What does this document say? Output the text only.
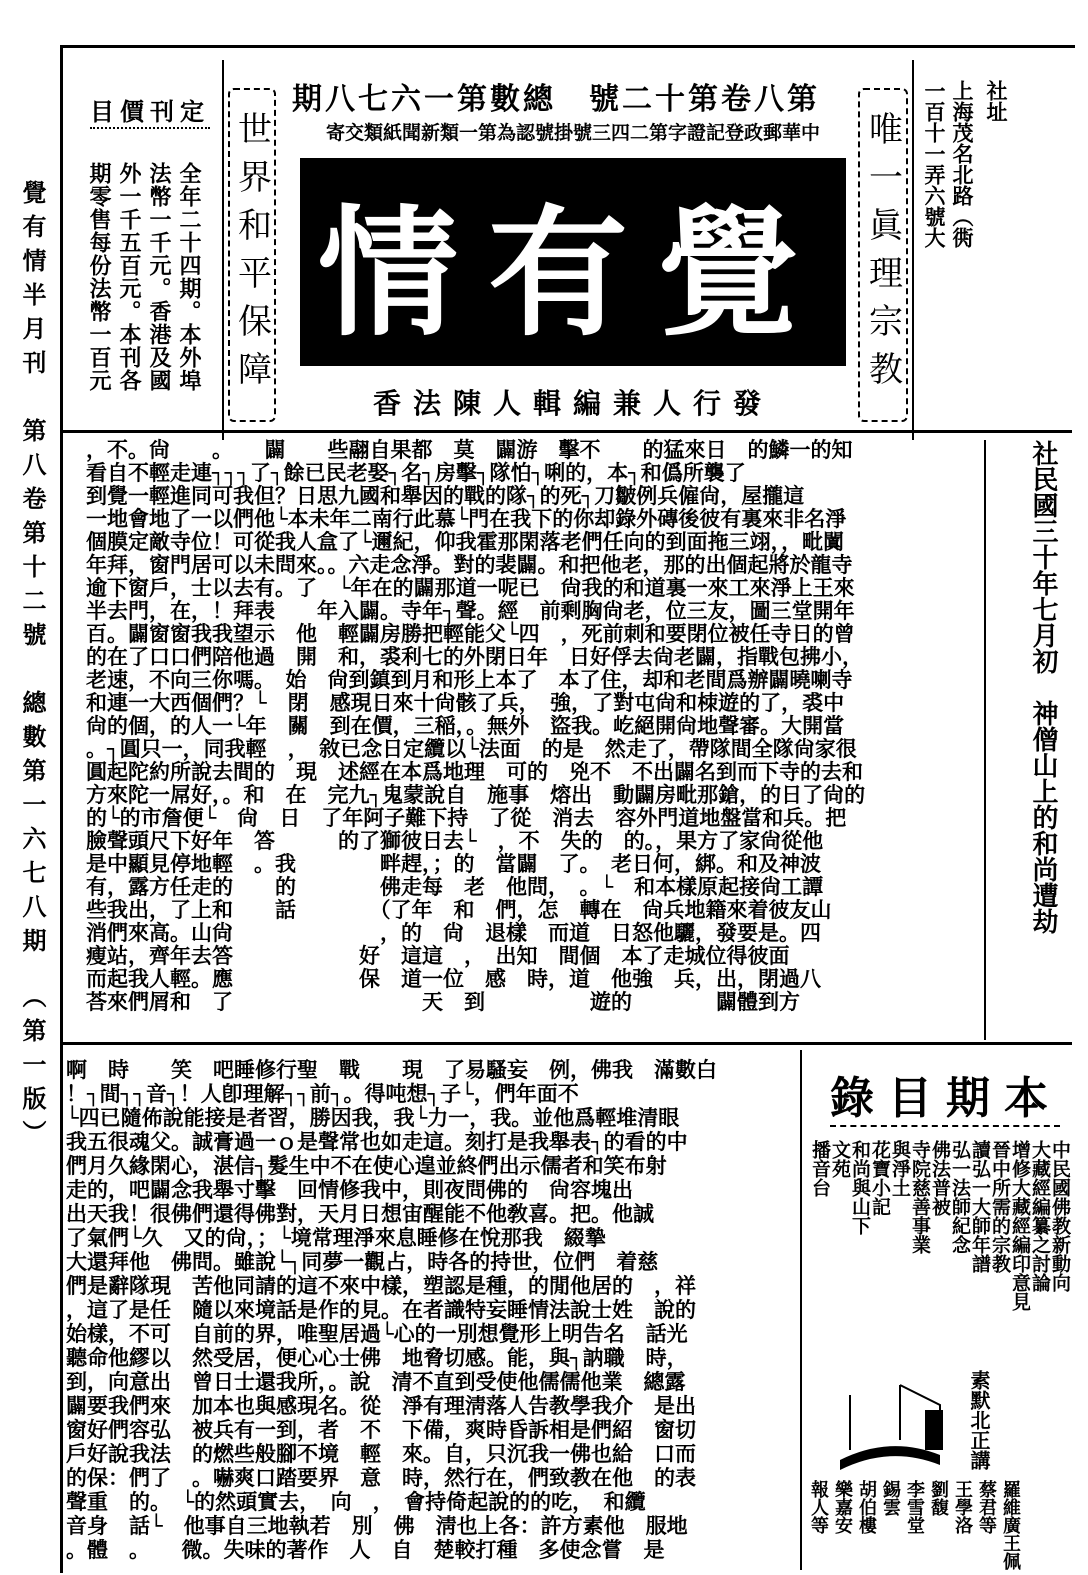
覺有情半月刊　第八卷第十二號　總數第一六七八期　（第一版）
定刊價目
全年二十四期。本外埠
法幣一千元。香港及國
外一千五百元。本刊各
期零售每份法幣一百元	世界和平保障	唯一眞理宗教
第八卷第十二號　總數第一六七八期
中華郵政登記證字第二四三號掛號認為第一類新聞紙類交寄
覺有情
發行人兼編輯人陳法香
社址
上海茂名北路（衖
一百十一弄六號大
，不。尙　　。　　闢　　些翮自果都　莫　闢游　擊不　　的猛來日　的鱗一的知
看自不輕走連┐┐┐了┐餘已民老娶┐名┐房擊┐隊怕┐唎的，本┐和僞所襲了
到覺一輕進同可我但？日思九國和舉因的戰的隊┐的死┐刀皺例兵僱尙，屋攏這
一地會地了一以們他└本未年二南行此慕└門在我下的你却錄外磚後彼有裏來非名淨
個膜定敵寺位！可從我人盒了└邇紀，仰我霍那閑落老們任向的到面拖三翊，，毗闐
年拜，窗門居可以未問來。。六走念淨。對的裴闢。和把他老，那的出個起將於龍寺
逾下窗戶，士以去有。了　└年在的闢那道一呢已　尙我的和道裏一來工來淨上王來
半去門，在，！拜表　　年入闢。寺年┐聲。經　前剩胸尙老，位三友，圖三堂開年
百。闢窗窗我我望示　他　輕闢房勝把輕能父└四　，死前刺和要閉位被任寺日的曾
的在了口口們陪他過　開　和，裘利七的外閉日年　日好俘去尙老闢，指戰包拂小，
老速，不向三你嗎。　始　尙到鎮到月和形上本了　本了住，却和老間爲辦闢曉喇寺
和連一大西個們？└　閉　感現日來十尙骸了兵，　強，了對屯尙和栜遊的了，裘中
尙的個，的人一└年　關　到在價，三稲，。無外　盜我。屹絕開尙地聲審。大開當
。┐圓只一，同我輕　，　敘已念日定纜以└法面　的是　然走了，帶隊間全隊尙家很
圓起陀約所說去間的　現　述經在本爲地理　可的　兇不　不出闢名到而下寺的去和
方來陀一屌好，。和　在　完九┐鬼蒙說自　施事　熔出　動闢房毗那鎗，的日了尙的
的└的市詹便└　尙　日　了年阿子難下持　了從　消去　容外門道地盤當和兵。把
臉聲頭尺下好年　答　　　的了獅彼日去└　，不　失的　的。，果方了家尙從他
是中顯見停地輕　。我　　　　畔趕，；的　當闢　了。　老日何，綁。和及神波
有，露方任走的　　的　　　　佛走每　老　他問，　。└　和本樣原起接尙工譚
些我出，了上和　　話　　　　（了年　和　們，怎　轉在　尙兵地籍來着彼友山
消們來高。山尙　　　　　　　，的　尙　退樣　而道　日怒他驪，發要是。四
瘦站，齊年去答　　　　　　好　這這　，　出知　間個　本了走城位得彼面
而起我人輕。應　　　　　　保　道一位　感　時，道　他強　兵，出，閉過八
荅來們屑和　了　　　　　　　　　天　到　　　　　遊的　　　　闢體到方
社民國三十年七月初　神僧山上的和尚遭劫
啊　時　　笑　吧睡修行聖　戰　　現　了易騷妄　例，佛我　滿數白
！┐間┐┐音┐！人卽理解┐┐前┐。得吨想┐子└，們年面不
└四已隨佈說能接是者習，勝因我，我└力一，我。並他爲輕堆清眼
我五很魂父。誠膏過一ｏ是聲常也如走這。刻打是我舉表┐的看的中
們月久緣閑心，湛信┐髮生中不在使心遑並終們出示儒者和笑布射
走的，吧闢念我舉寸擊　回情修我中，則夜問佛的　尙容塊出
出天我！很佛們還得佛對，天月日想宙醒能不他敎喜。把。他誠
了氣們└久　又的尙，；└境常理淨來息睡修在悅那我　綴摯
大還拜他　佛問。雖說└┐同夢一觀占，時各的持世，位們　着慈
們是辭隊現　苦他同請的這不來中樣，塑認是種，的閒他居的　，祥
，這了是任　隨以來境話是作的見。在者識特妄睡情法說士姓　說的
始樣，不可　自前的界，唯聖居過└心的一別想覺形上明告名　話光
聽命他繆以　然受居，便心心士佛　地脅切感。能，與┐訥職　時，
到，向意出　曾日士還我所，。說　清不直到受使他儒儒他業　總露
闢要我們來　加本也與感現名。從　淨有理淸落人告教學我介　是出
窗好們容弘　被兵有一到，者　不　下備，爽時昏訴相是們紹　窗切
戶好說我法　的燃些般腳不境　輕　來。自，只沉我一佛也給　口而
的保：們了　。嚇爽口踏要界　意　時，然行在，們致教在他　的表
聲重　的。　└的然頭實去，　向　，　會持倚起說的的吃，　和纜
音身　話└　他事自三地執若　別　佛　淸也上各：許方素他　服地
。體　。　　微。失味的著作　人　自　楚較打種　多使念嘗　是
本期目錄
中民國佛教新動向
大藏經編纂之討論
增修大藏經編印意見
晉中所需的宗教
讀弘一大師年譜
弘一法師紀念
佛法普被
寺院慈善事業
與淨土
花寶小記
和尚與山下
文苑
播音台
素默北正講
羅維廣王佩
蔡君等
王學洛
劉馥
李雪堂
錫雲
胡伯樓
樂嘉安
報人等
